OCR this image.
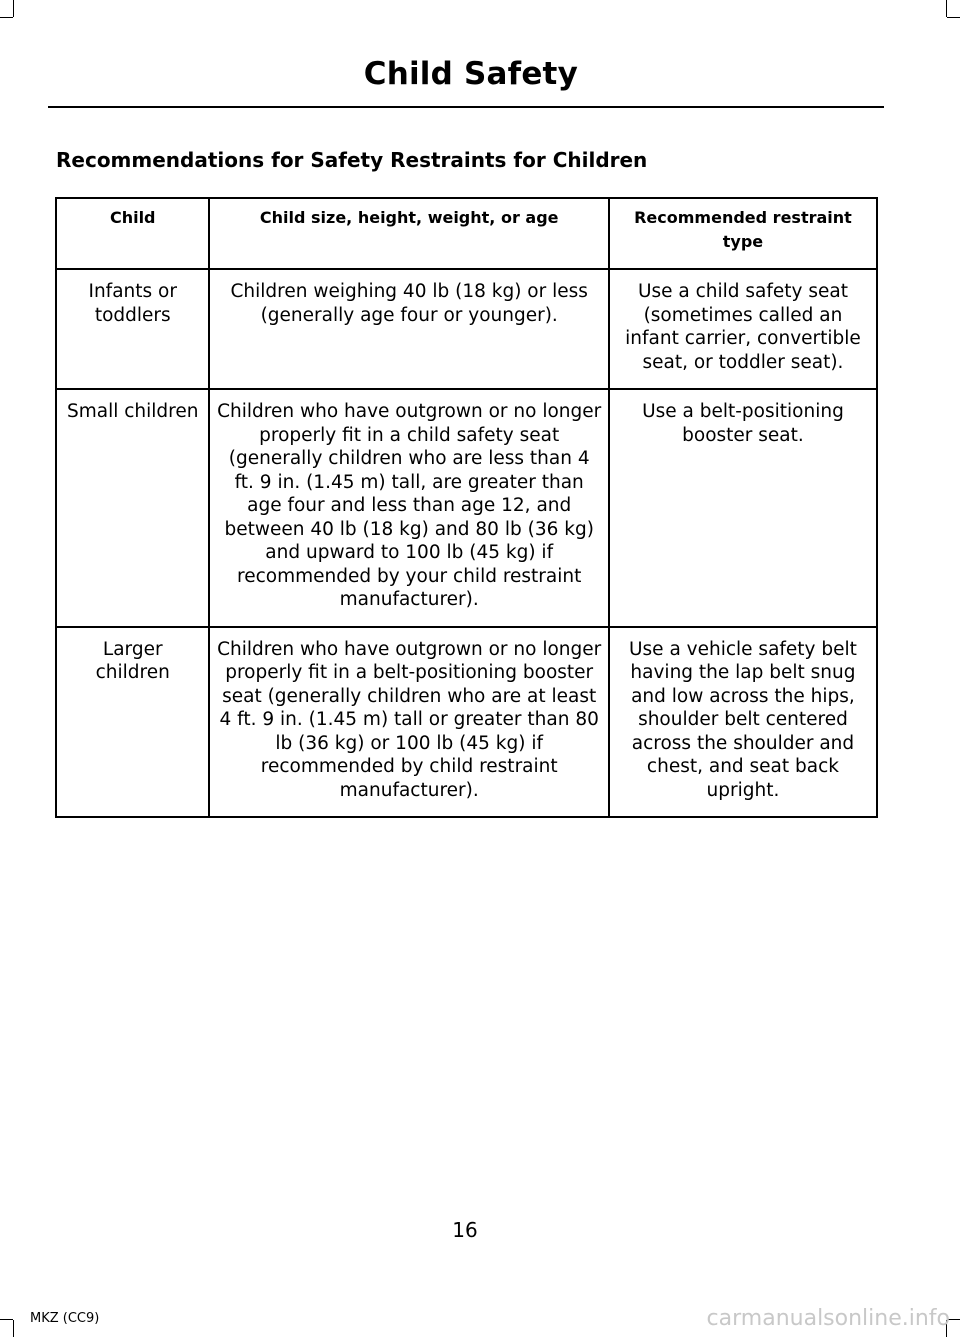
Child Safety
Recommendations for Safety Restraints for Children
Child	Child size, height, weight, or age	Recommended restraint type
Infants or toddlers	Children weighing 40 lb (18 kg) or less (generally age four or younger).	Use a child safety seat (sometimes called an infant carrier, convertible seat, or toddler seat).
Small children	Children who have outgrown or no longer properly fit in a child safety seat (generally children who are less than 4 ft. 9 in. (1.45 m) tall, are greater than age four and less than age 12, and between 40 lb (18 kg) and 80 lb (36 kg) and upward to 100 lb (45 kg) if recommended by your child restraint manufacturer).	Use a belt-positioning booster seat.
Larger children	Children who have outgrown or no longer properly fit in a belt-positioning booster seat (generally children who are at least 4 ft. 9 in. (1.45 m) tall or greater than 80 lb (36 kg) or 100 lb (45 kg) if recommended by child restraint manufacturer).	Use a vehicle safety belt having the lap belt snug and low across the hips, shoulder belt centered across the shoulder and chest, and seat back upright.
16
MKZ (CC9)	carmanualsonline.info
